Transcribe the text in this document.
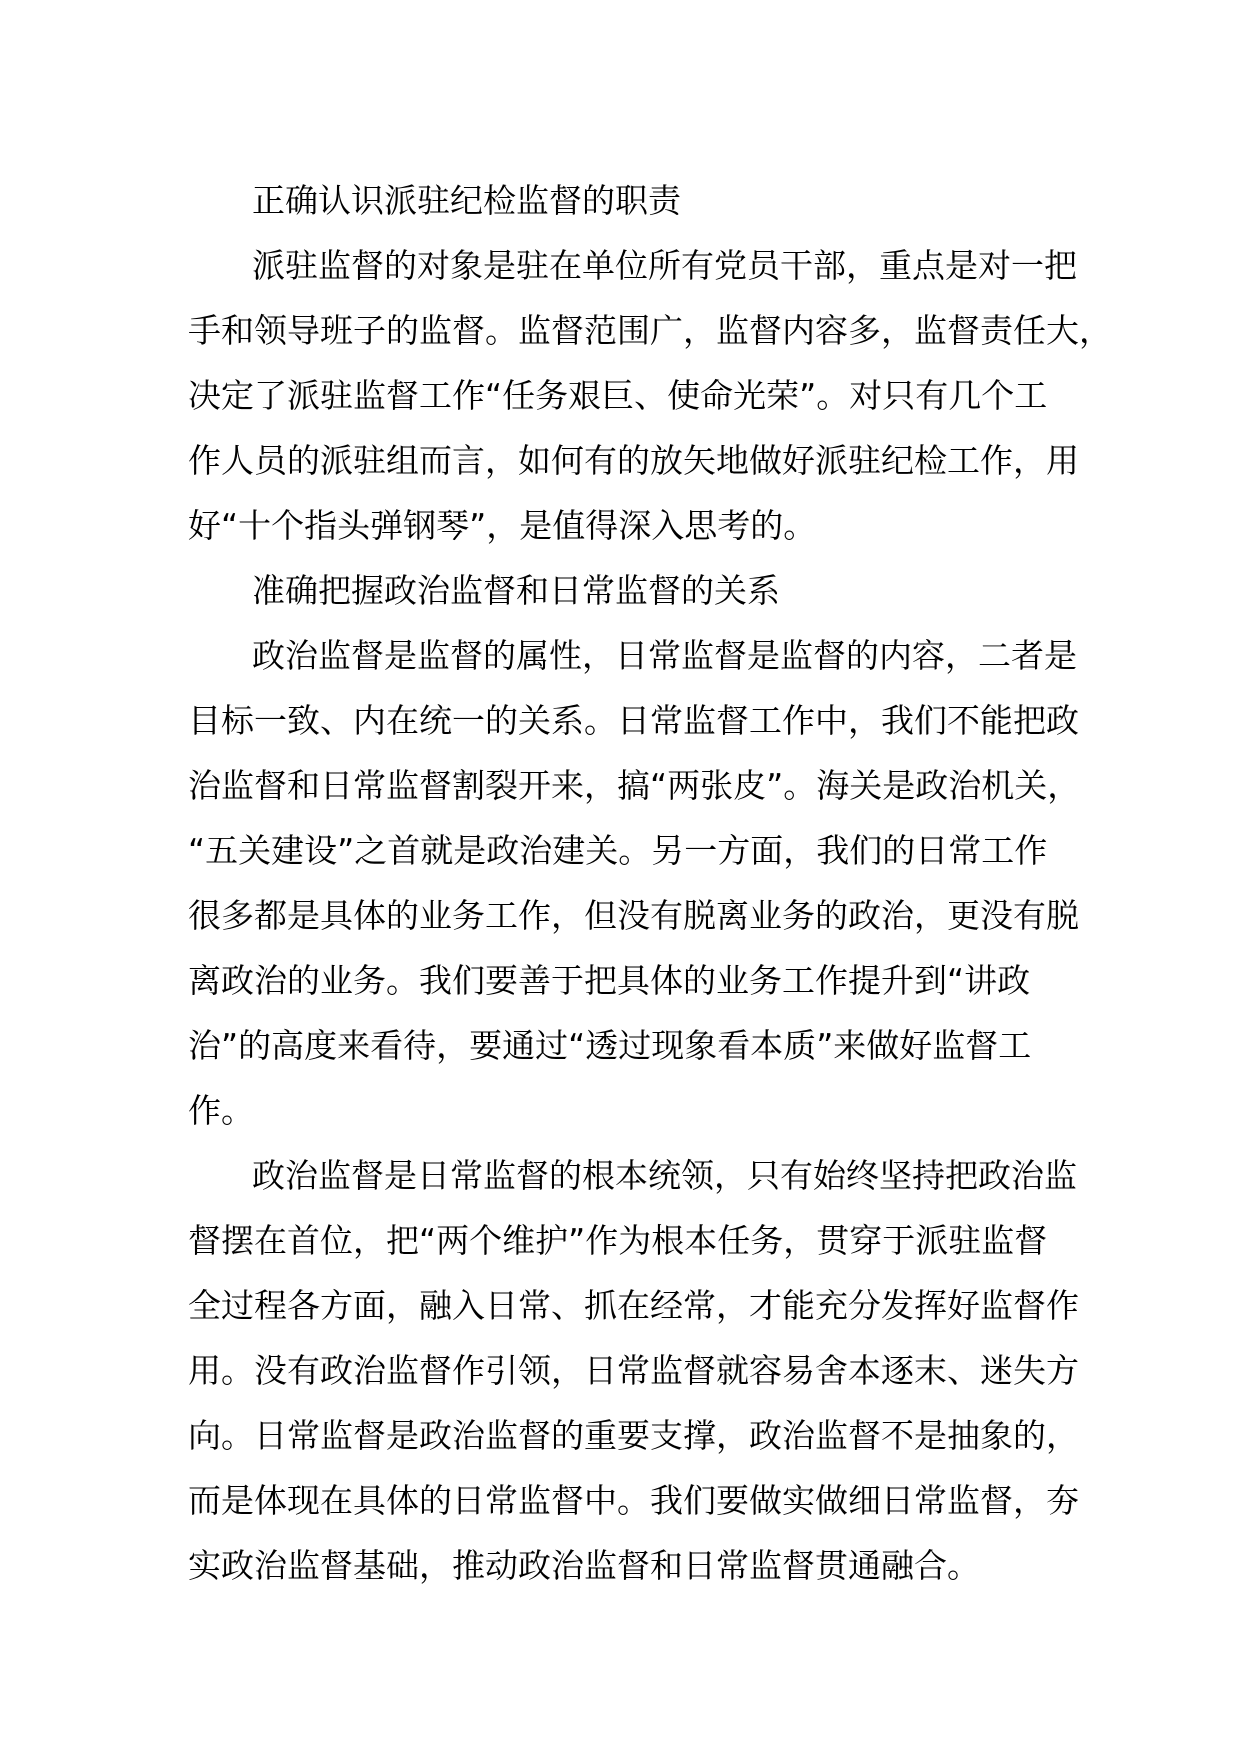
正确认识派驻纪检监督的职责
派驻监督的对象是驻在单位所有党员干部，重点是对一把
手和领导班子的监督。监督范围广，监督内容多，监督责任大，
决定了派驻监督工作“任务艰巨、使命光荣”。对只有几个工
作人员的派驻组而言，如何有的放矢地做好派驻纪检工作，用
好“十个指头弹钢琴”，是值得深入思考的。
准确把握政治监督和日常监督的关系
政治监督是监督的属性，日常监督是监督的内容，二者是
目标一致、内在统一的关系。日常监督工作中，我们不能把政
治监督和日常监督割裂开来，搞“两张皮”。海关是政治机关，
“五关建设”之首就是政治建关。另一方面，我们的日常工作
很多都是具体的业务工作，但没有脱离业务的政治，更没有脱
离政治的业务。我们要善于把具体的业务工作提升到“讲政
治”的高度来看待，要通过“透过现象看本质”来做好监督工
作。
政治监督是日常监督的根本统领，只有始终坚持把政治监
督摆在首位，把“两个维护”作为根本任务，贯穿于派驻监督
全过程各方面，融入日常、抓在经常，才能充分发挥好监督作
用。没有政治监督作引领，日常监督就容易舍本逐末、迷失方
向。日常监督是政治监督的重要支撑，政治监督不是抽象的，
而是体现在具体的日常监督中。我们要做实做细日常监督，夯
实政治监督基础，推动政治监督和日常监督贯通融合。
